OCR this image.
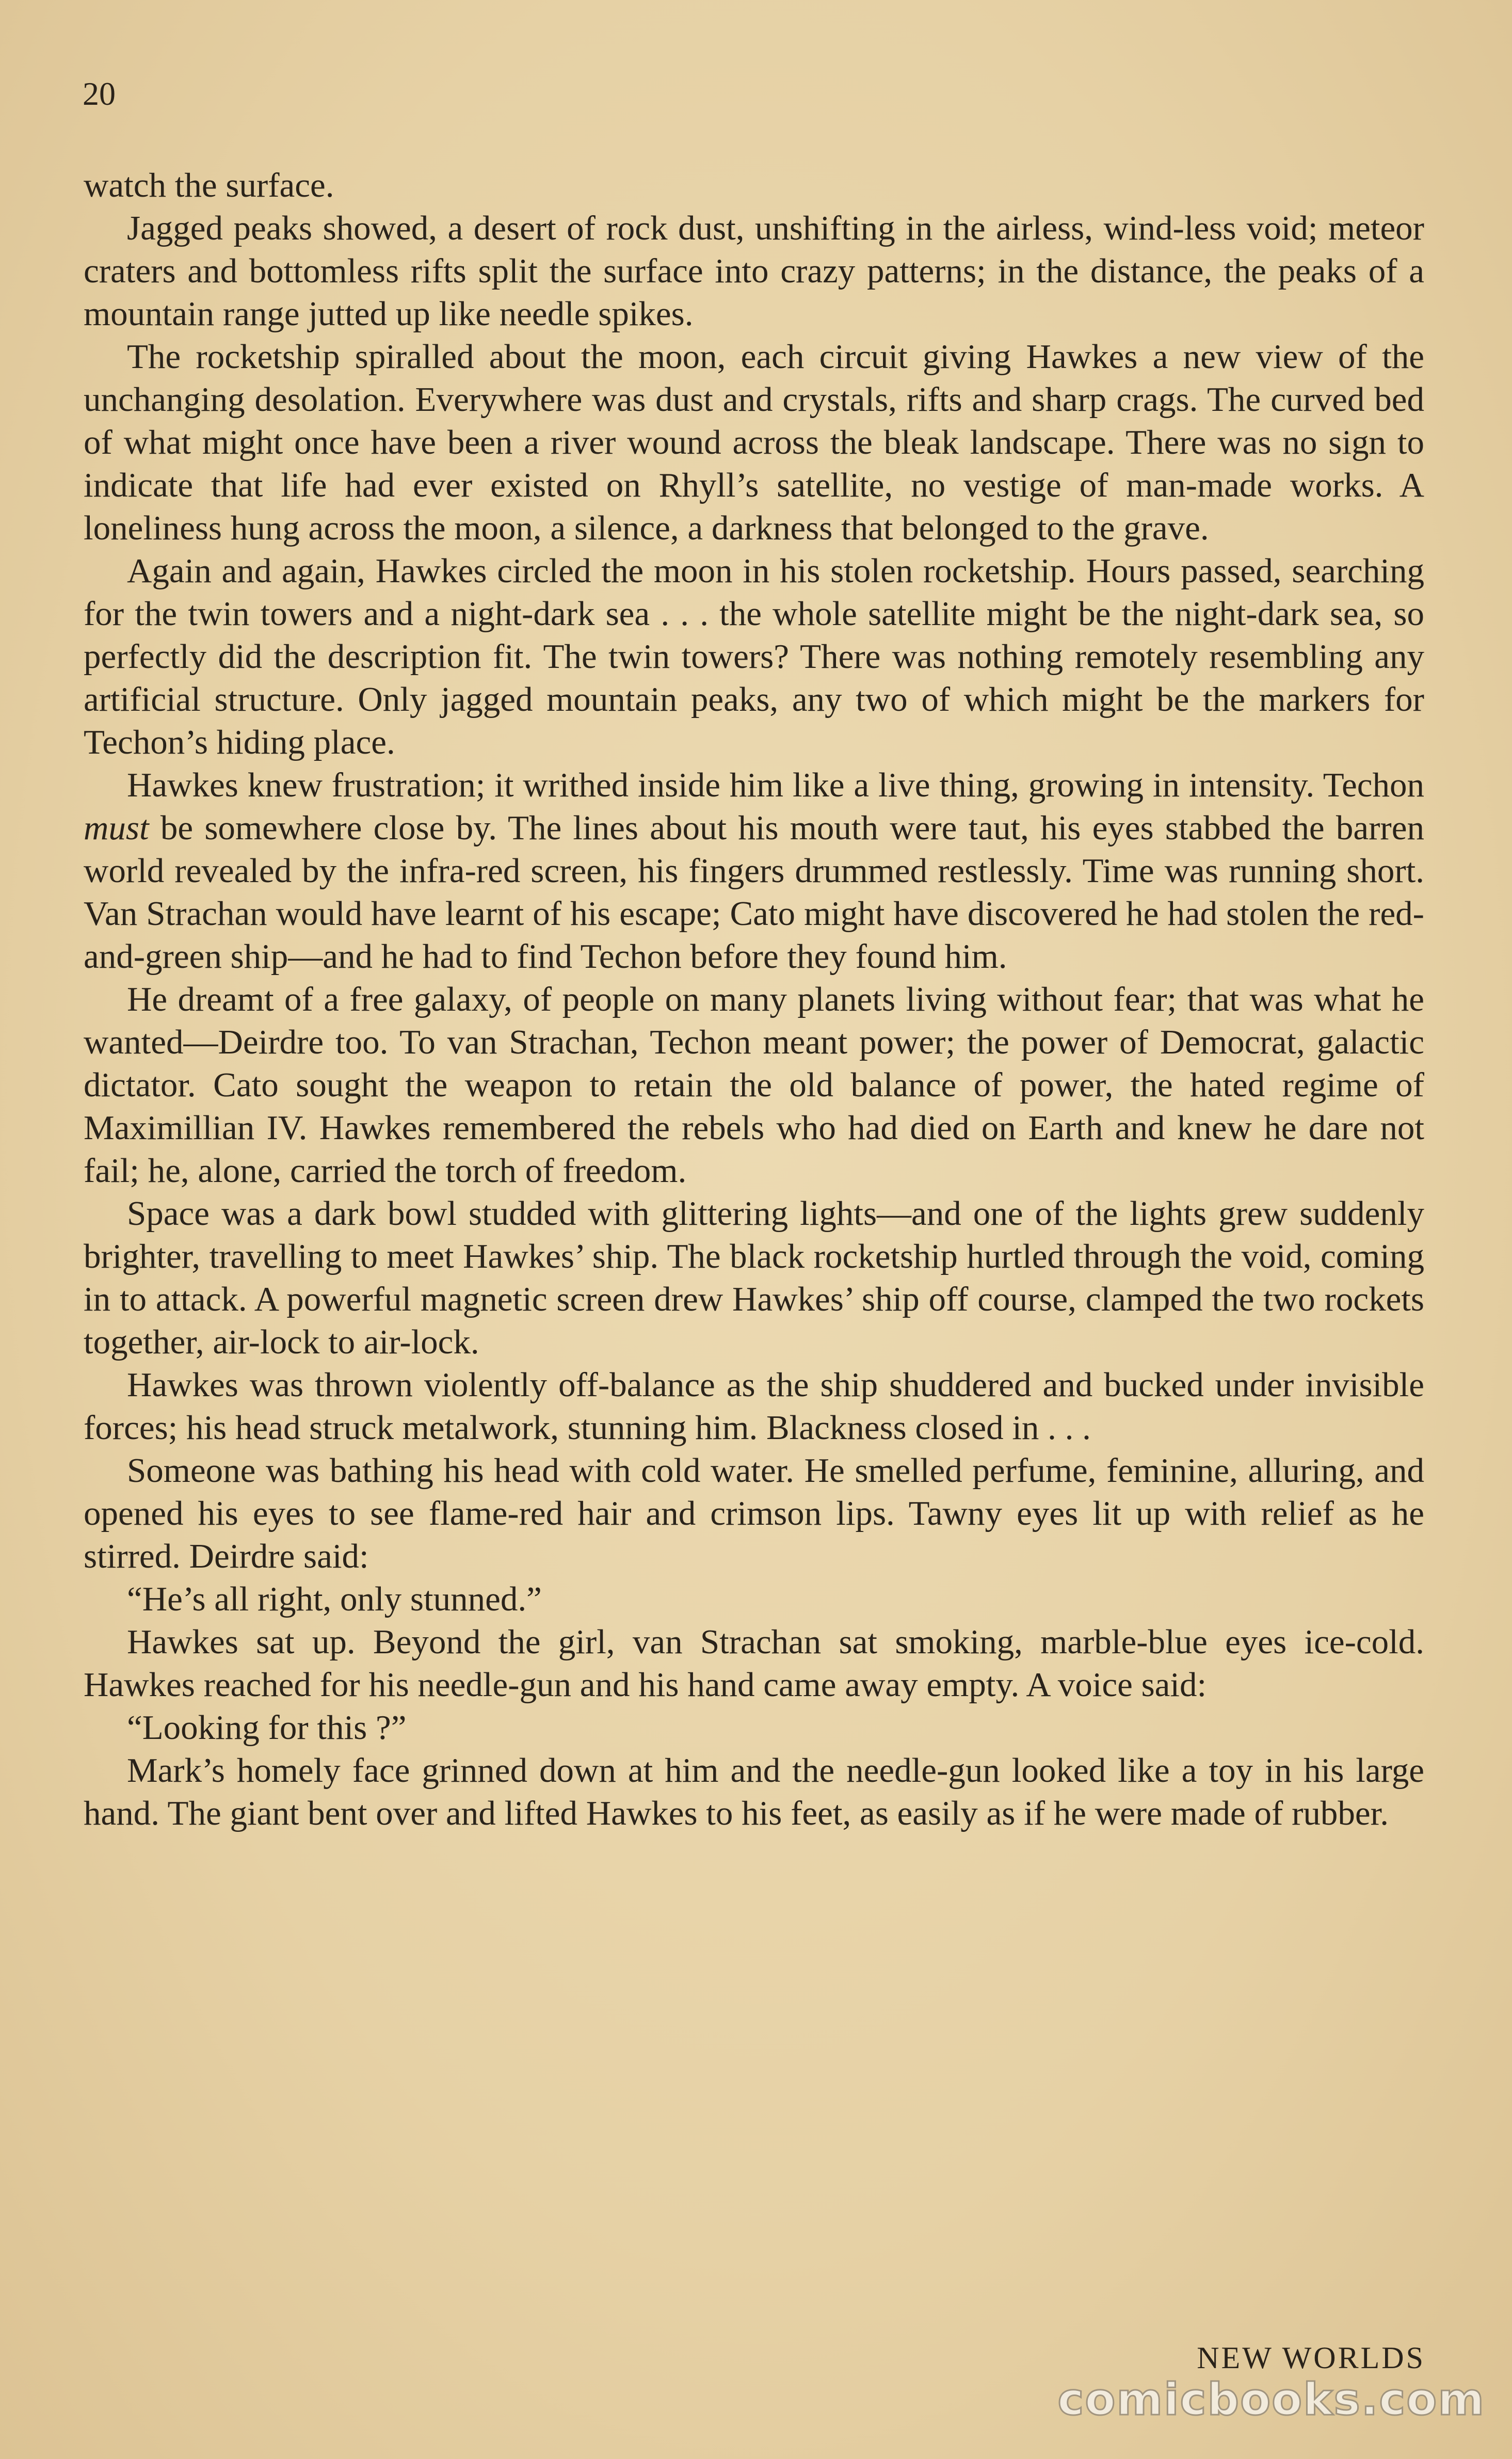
20

watch the surface.

Jagged peaks showed, a desert of rock dust, unshifting in the airless, wind-less void; meteor craters and bottomless rifts split the surface into crazy patterns; in the distance, the peaks of a mountain range jutted up like needle spikes.

The rocketship spiralled about the moon, each circuit giving Hawkes a new view of the unchanging desolation. Everywhere was dust and crystals, rifts and sharp crags. The curved bed of what might once have been a river wound across the bleak landscape. There was no sign to indicate that life had ever existed on Rhyll’s satellite, no vestige of man-made works. A loneliness hung across the moon, a silence, a darkness that belonged to the grave.

Again and again, Hawkes circled the moon in his stolen rocketship. Hours passed, searching for the twin towers and a night-dark sea . . . the whole satellite might be the night-dark sea, so perfectly did the description fit. The twin towers? There was nothing remotely resembling any artificial structure. Only jagged mountain peaks, any two of which might be the markers for Techon’s hiding place.

Hawkes knew frustration; it writhed inside him like a live thing, growing in intensity. Techon must be somewhere close by. The lines about his mouth were taut, his eyes stabbed the barren world revealed by the infra-red screen, his fingers drummed restlessly. Time was running short. Van Strachan would have learnt of his escape; Cato might have discovered he had stolen the red-and-green ship—and he had to find Techon before they found him.

He dreamt of a free galaxy, of people on many planets living without fear; that was what he wanted—Deirdre too. To van Strachan, Techon meant power; the power of Democrat, galactic dictator. Cato sought the weapon to retain the old balance of power, the hated regime of Maximillian IV. Hawkes remembered the rebels who had died on Earth and knew he dare not fail; he, alone, carried the torch of freedom.

Space was a dark bowl studded with glittering lights—and one of the lights grew suddenly brighter, travelling to meet Hawkes’ ship. The black rocketship hurtled through the void, coming in to attack. A powerful magnetic screen drew Hawkes’ ship off course, clamped the two rockets together, air-lock to air-lock.

Hawkes was thrown violently off-balance as the ship shuddered and bucked under invisible forces; his head struck metalwork, stunning him. Blackness closed in . . .

Someone was bathing his head with cold water. He smelled perfume, feminine, alluring, and opened his eyes to see flame-red hair and crimson lips. Tawny eyes lit up with relief as he stirred. Deirdre said:

“He’s all right, only stunned.”

Hawkes sat up. Beyond the girl, van Strachan sat smoking, marble-blue eyes ice-cold. Hawkes reached for his needle-gun and his hand came away empty. A voice said:

“Looking for this ?”

Mark’s homely face grinned down at him and the needle-gun looked like a toy in his large hand. The giant bent over and lifted Hawkes to his feet, as easily as if he were made of rubber.

NEW WORLDS
comicbooks.com
